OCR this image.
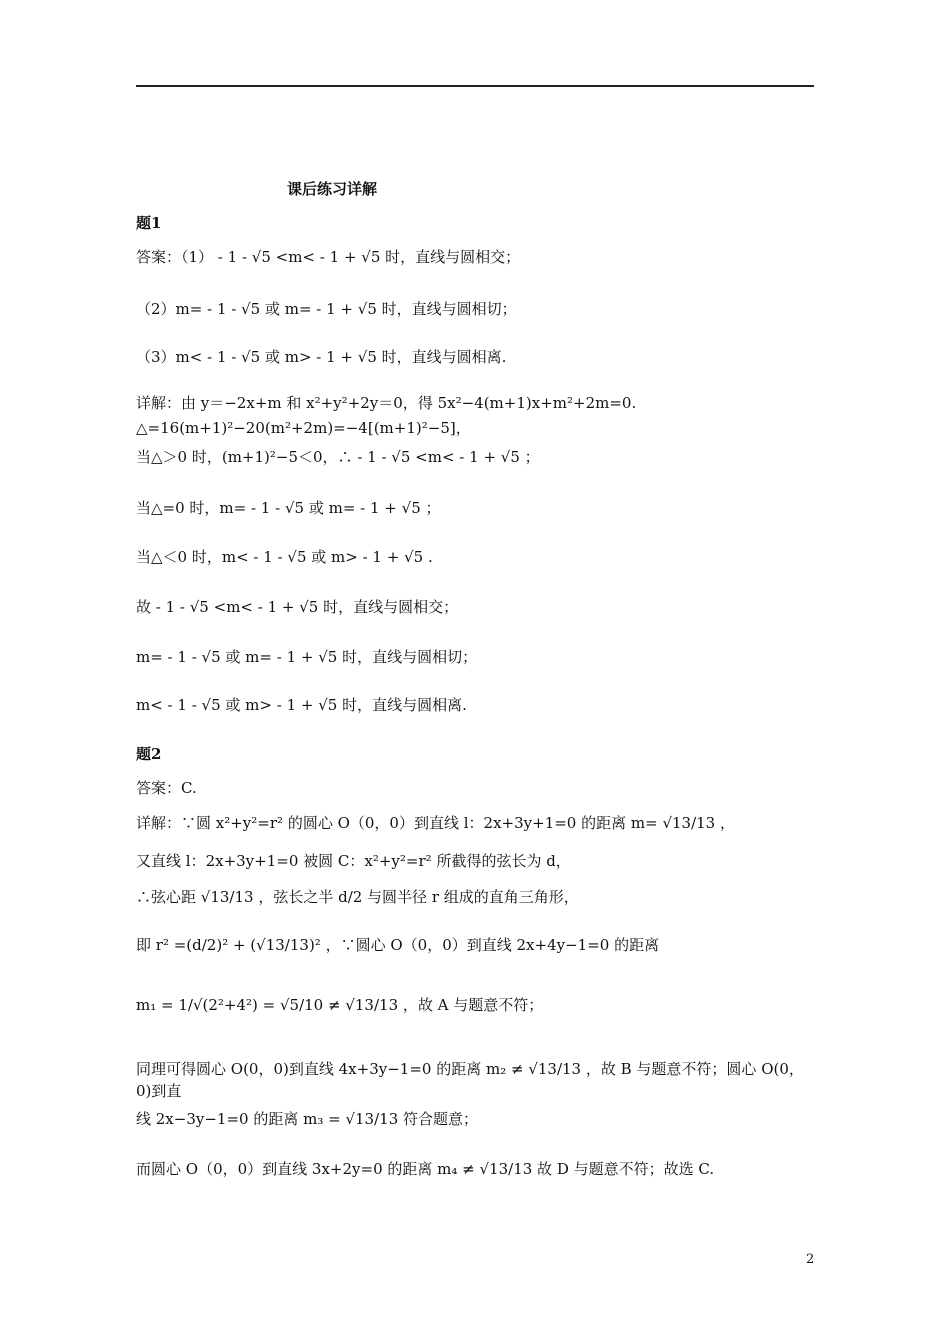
课后练习详解
题1
答案：（1） - 1 - √5 <m< - 1 + √5 时，直线与圆相交；
（2）m= - 1 - √5 或 m= - 1 + √5 时，直线与圆相切；
（3）m< - 1 - √5 或 m> - 1 + √5 时，直线与圆相离.
详解：由 y＝−2x+m 和 x²+y²+2y＝0，得 5x²−4(m+1)x+m²+2m=0.
△=16(m+1)²−20(m²+2m)=−4[(m+1)²−5]，
当△＞0 时，(m+1)²−5＜0，∴ - 1 - √5 <m< - 1 + √5 ；
当△=0 时，m= - 1 - √5 或 m= - 1 + √5 ；
当△＜0 时，m< - 1 - √5 或 m> - 1 + √5 .
故 - 1 - √5 <m< - 1 + √5 时，直线与圆相交；
m= - 1 - √5 或 m= - 1 + √5 时，直线与圆相切；
m< - 1 - √5 或 m> - 1 + √5 时，直线与圆相离.
题2
答案：C.
详解：∵圆 x²+y²=r² 的圆心 O（0，0）到直线 l：2x+3y+1=0 的距离 m= √13/13 ，
又直线 l：2x+3y+1=0 被圆 C：x²+y²=r² 所截得的弦长为 d，
∴弦心距 √13/13 ，弦长之半 d/2 与圆半径 r 组成的直角三角形，
即 r² =(d/2)² + (√13/13)² ，∵圆心 O（0，0）到直线 2x+4y−1=0 的距离
m₁ = 1/√(2²+4²) = √5/10 ≠ √13/13 ，故 A 与题意不符；
同理可得圆心 O(0，0)到直线 4x+3y−1=0 的距离 m₂ ≠ √13/13 ，故 B 与题意不符；圆心 O(0，0)到直
线 2x−3y−1=0 的距离 m₃ = √13/13 符合题意；
而圆心 O（0，0）到直线 3x+2y=0 的距离 m₄ ≠ √13/13 故 D 与题意不符；故选 C.
2
